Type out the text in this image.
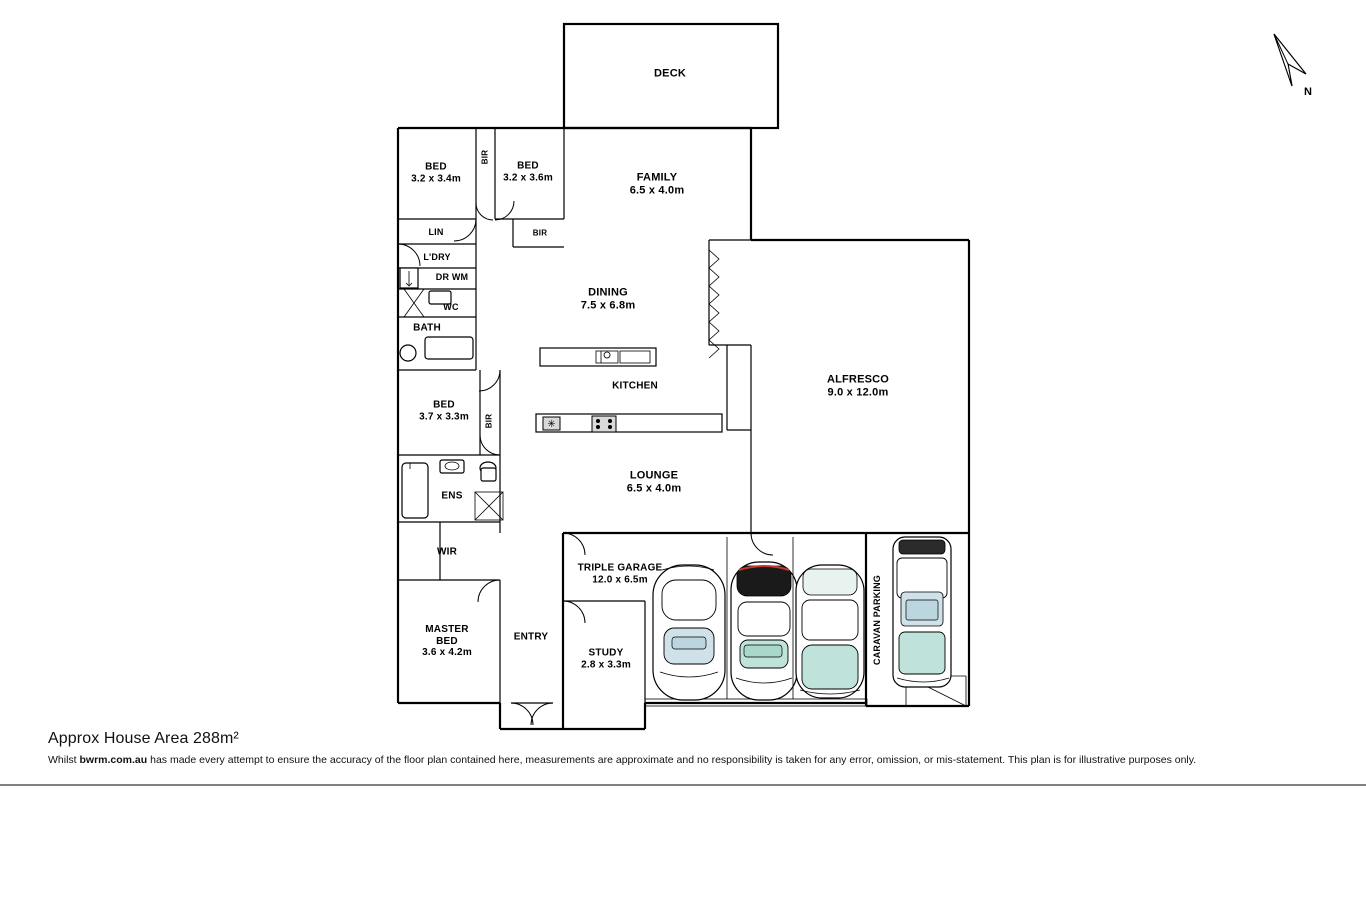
✳
DECK
BED
3.2 x 3.4m
BED
3.2 x 3.6m	FAMILY
6.5 x 4.0m
DINING
7.5 x 6.8m
ALFRESCO
9.0 x 12.0m
KITCHEN
LOUNGE
6.5 x 4.0m
BED
3.7 x 3.3m
BATH
ENS
WIR
MASTER
BED
3.6 x 4.2m
ENTRY
STUDY
2.8 x 3.3m
TRIPLE GARAGE
12.0 x 6.5m
LIN
L'DRY
DR WM
WC
BIR
BIR
BIR
CARAVAN PARKING
N
Approx House Area 288m²
Whilst bwrm.com.au has made every attempt to ensure the accuracy of the floor plan contained here, measurements are approximate and no responsibility is taken for any error, omission, or mis-statement. This plan is for illustrative purposes only.
